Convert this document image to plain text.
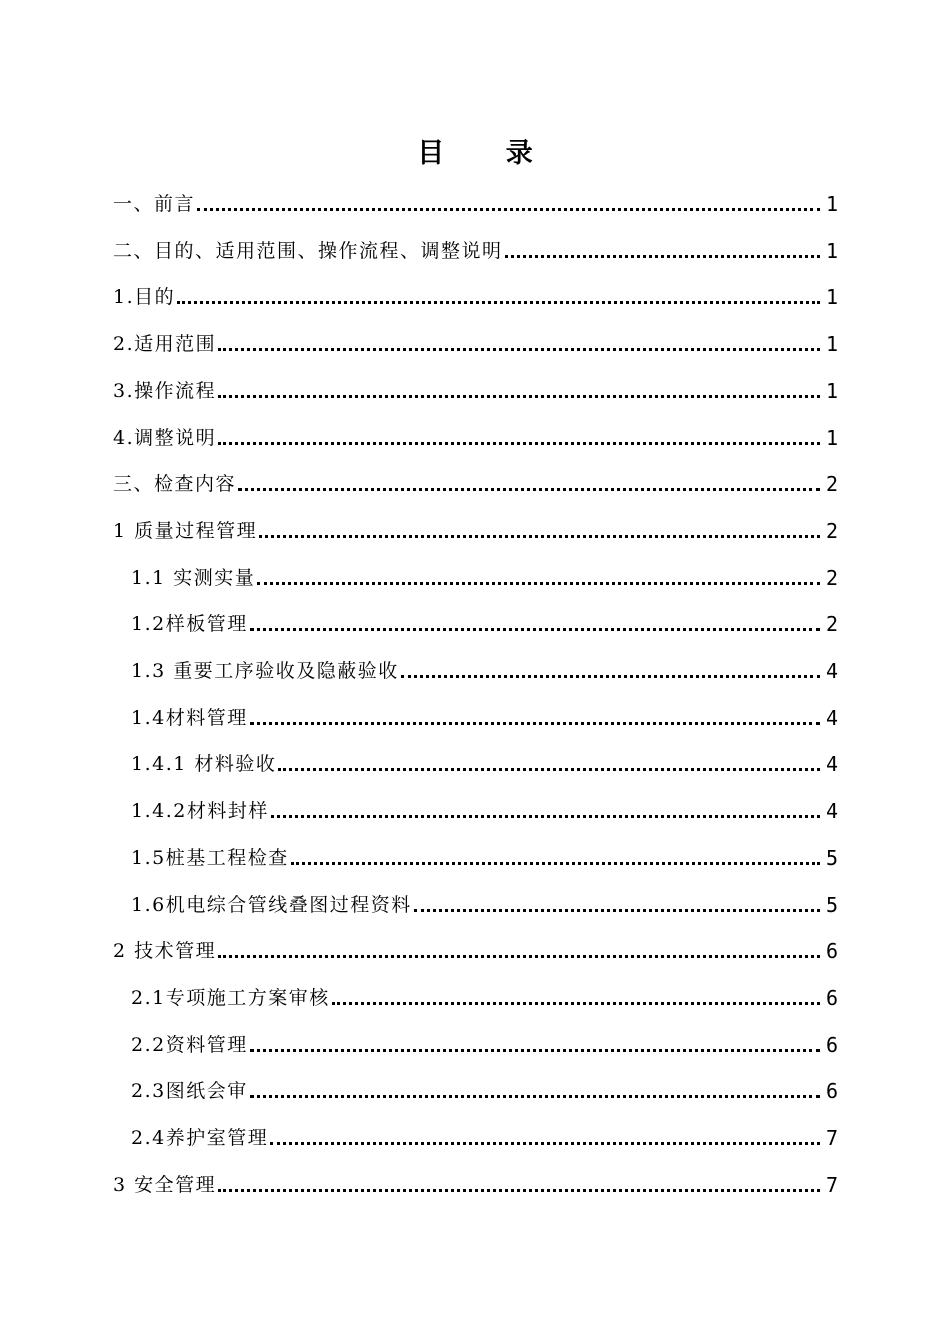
目 录
一、前言	1
二、目的、适用范围、操作流程、调整说明	1
1.目的	1
2.适用范围	1
3.操作流程	1
4.调整说明	1
三、检查内容	2
1 质量过程管理	2
1.1 实测实量	2
1.2样板管理	2
1.3 重要工序验收及隐蔽验收	4
1.4材料管理	4
1.4.1 材料验收	4
1.4.2材料封样	4
1.5桩基工程检查	5
1.6机电综合管线叠图过程资料	5
2 技术管理	6
2.1专项施工方案审核	6
2.2资料管理	6
2.3图纸会审	6
2.4养护室管理	7
3 安全管理	7
